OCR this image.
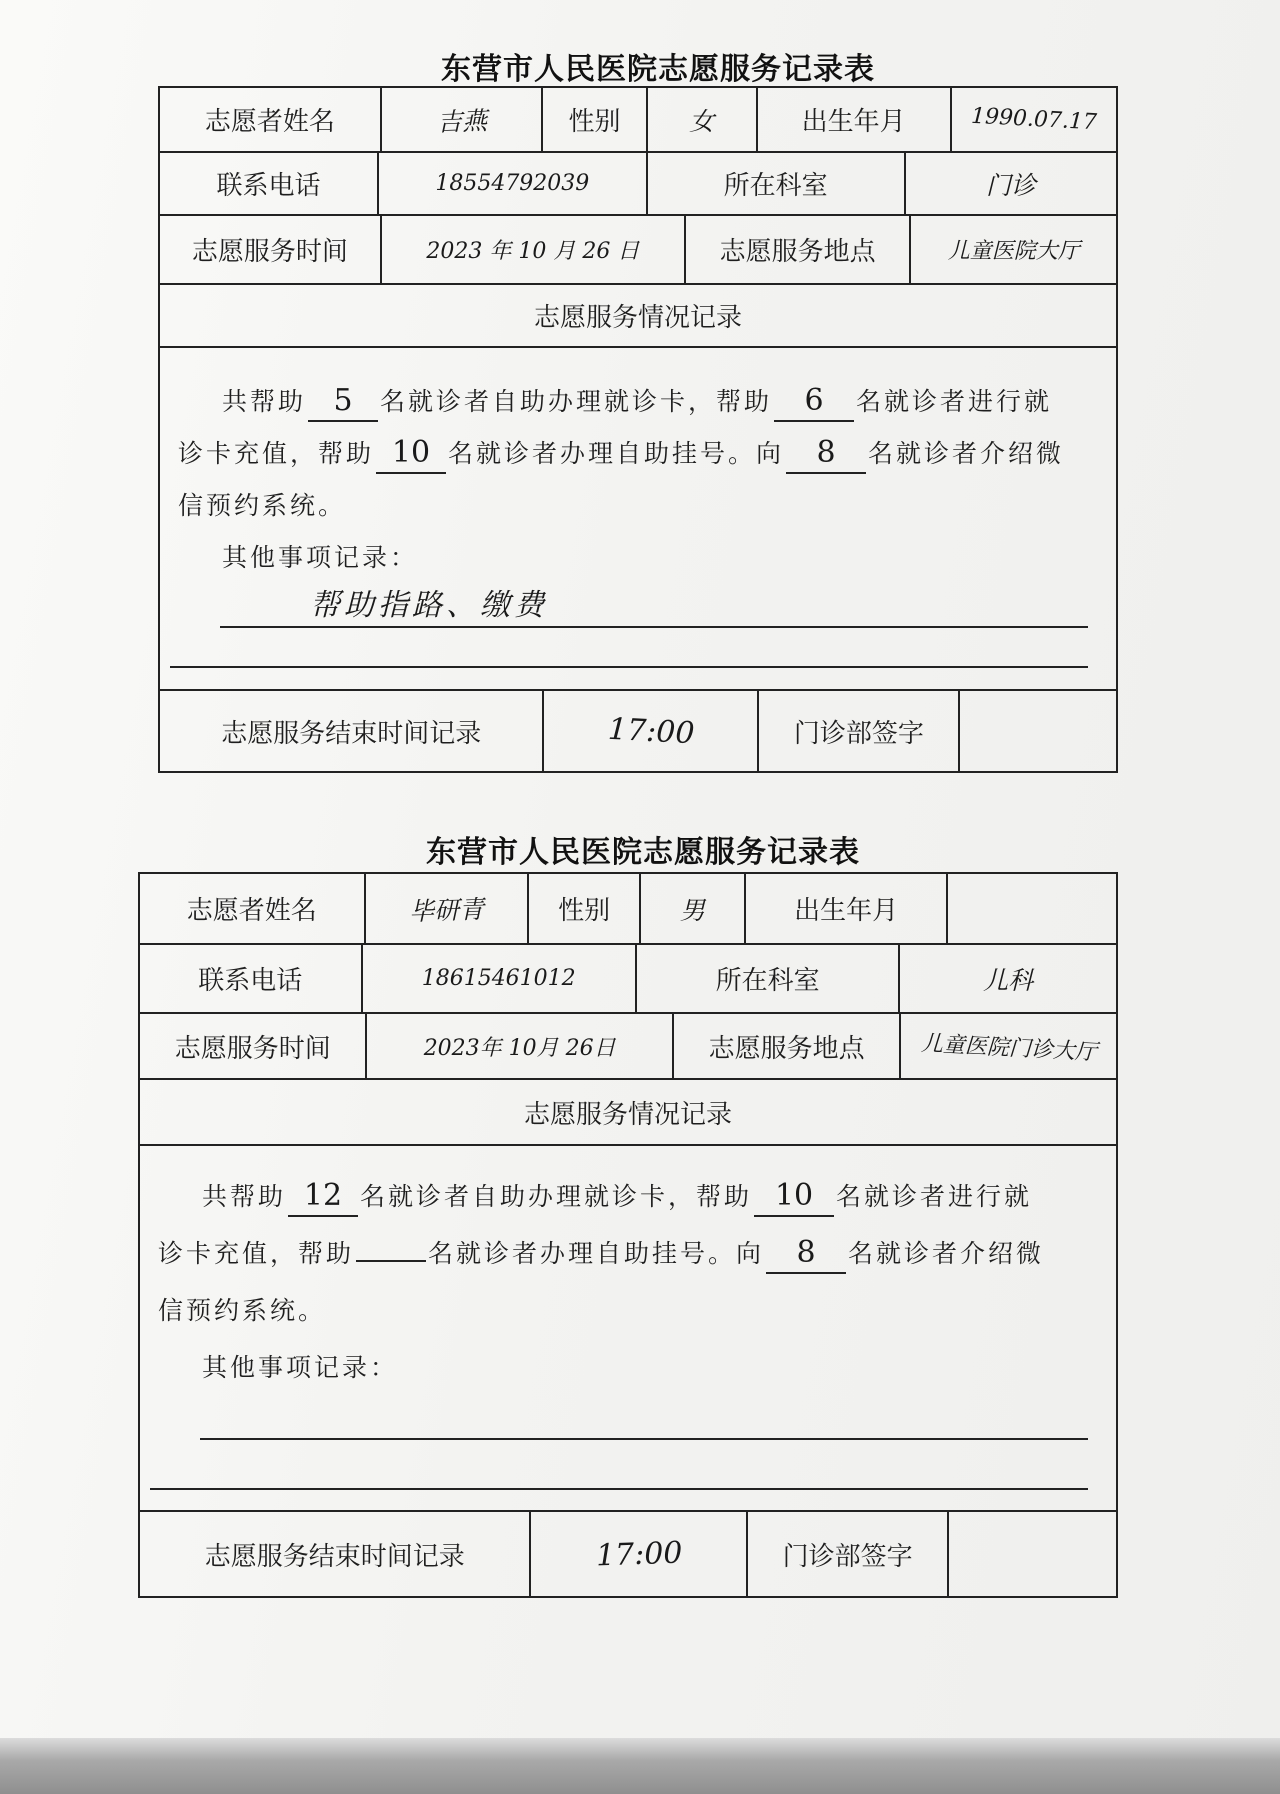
东营市人民医院志愿服务记录表
志愿者姓名	吉燕	性别	女	出生年月	1990.07.17
联系电话	18554792039	所在科室	门诊
志愿服务时间	2023 年 10 月 26 日	志愿服务地点	儿童医院大厅
志愿服务情况记录
共帮助 5 名就诊者自助办理就诊卡，帮助 6 名就诊者进行就
诊卡充值，帮助 10 名就诊者办理自助挂号。向 8 名就诊者介绍微
信预约系统。
其他事项记录：
帮助指路、缴费
志愿服务结束时间记录	17:00	门诊部签字
东营市人民医院志愿服务记录表
志愿者姓名	毕研青	性别	男	出生年月
联系电话	18615461012	所在科室	儿科
志愿服务时间	2023年 10月 26日	志愿服务地点	儿童医院门诊大厅
志愿服务情况记录
共帮助 12 名就诊者自助办理就诊卡，帮助 10 名就诊者进行就
诊卡充值，帮助	名就诊者办理自助挂号。向 8 名就诊者介绍微
信预约系统。
其他事项记录：
志愿服务结束时间记录	17:00	门诊部签字
